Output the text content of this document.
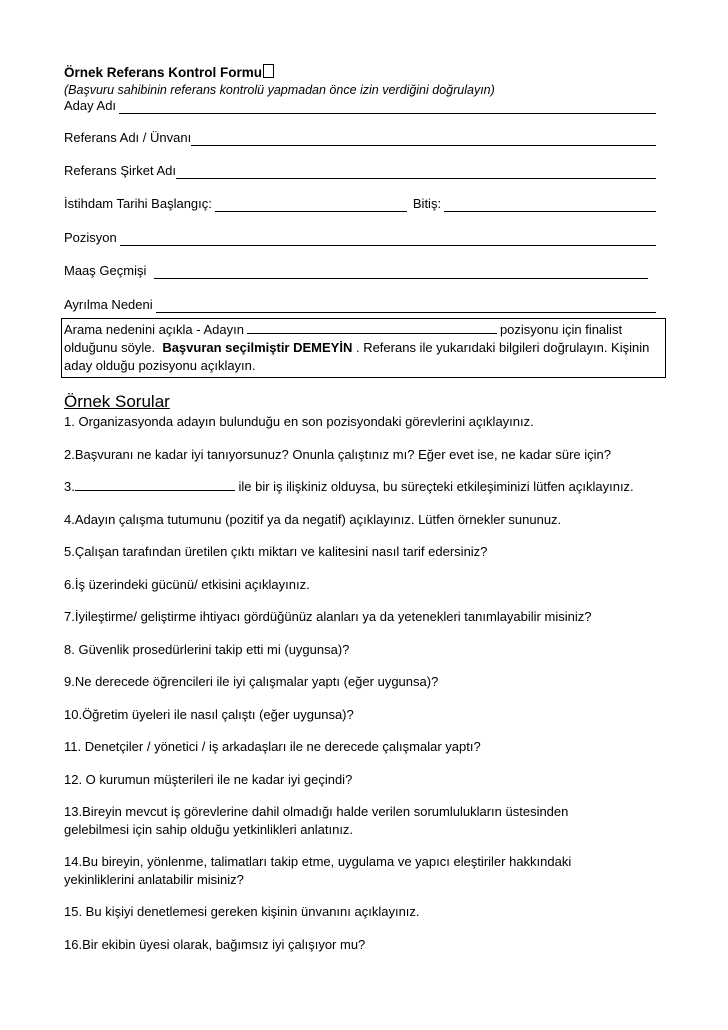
Örnek Referans Kontrol Formu
(Başvuru sahibinin referans kontrolü yapmadan önce izin verdiğini doğrulayın)
Aday Adı
Referans Adı / Ünvanı
Referans Şirket Adı
İstihdam Tarihi Başlangıç:	Bitiş:
Pozisyon
Maaş Geçmişi
Ayrılma Nedeni
Arama nedenini açıkla - Adayın	pozisyonu için finalist olduğunu söyle. Başvuran seçilmiştir DEMEYİN . Referans ile yukarıdaki bilgileri doğrulayın. Kişinin aday olduğu pozisyonu açıklayın.
Örnek Sorular
1. Organizasyonda adayın bulunduğu en son pozisyondaki görevlerini açıklayınız.
2.Başvuranı ne kadar iyi tanıyorsunuz? Onunla çalıştınız mı? Eğer evet ise, ne kadar süre için?
3.	ile bir iş ilişkiniz olduysa, bu süreçteki etkileşiminizi lütfen açıklayınız.
4.Adayın çalışma tutumunu (pozitif ya da negatif) açıklayınız. Lütfen örnekler sununuz.
5.Çalışan tarafından üretilen çıktı miktarı ve kalitesini nasıl tarif edersiniz?
6.İş üzerindeki gücünü/ etkisini açıklayınız.
7.İyileştirme/ geliştirme ihtiyacı gördüğünüz alanları ya da yetenekleri tanımlayabilir misiniz?
8. Güvenlik prosedürlerini takip etti mi (uygunsa)?
9.Ne derecede öğrencileri ile iyi çalışmalar yaptı (eğer uygunsa)?
10.Öğretim üyeleri ile nasıl çalıştı (eğer uygunsa)?
11. Denetçiler / yönetici / iş arkadaşları ile ne derecede çalışmalar yaptı?
12. O kurumun müşterileri ile ne kadar iyi geçindi?
13.Bireyin mevcut iş görevlerine dahil olmadığı halde verilen sorumlulukların üstesinden gelebilmesi için sahip olduğu yetkinlikleri anlatınız.
14.Bu bireyin, yönlenme, talimatları takip etme, uygulama ve yapıcı eleştiriler hakkındaki yekinliklerini anlatabilir misiniz?
15. Bu kişiyi denetlemesi gereken kişinin ünvanını açıklayınız.
16.Bir ekibin üyesi olarak, bağımsız iyi çalışıyor mu?
